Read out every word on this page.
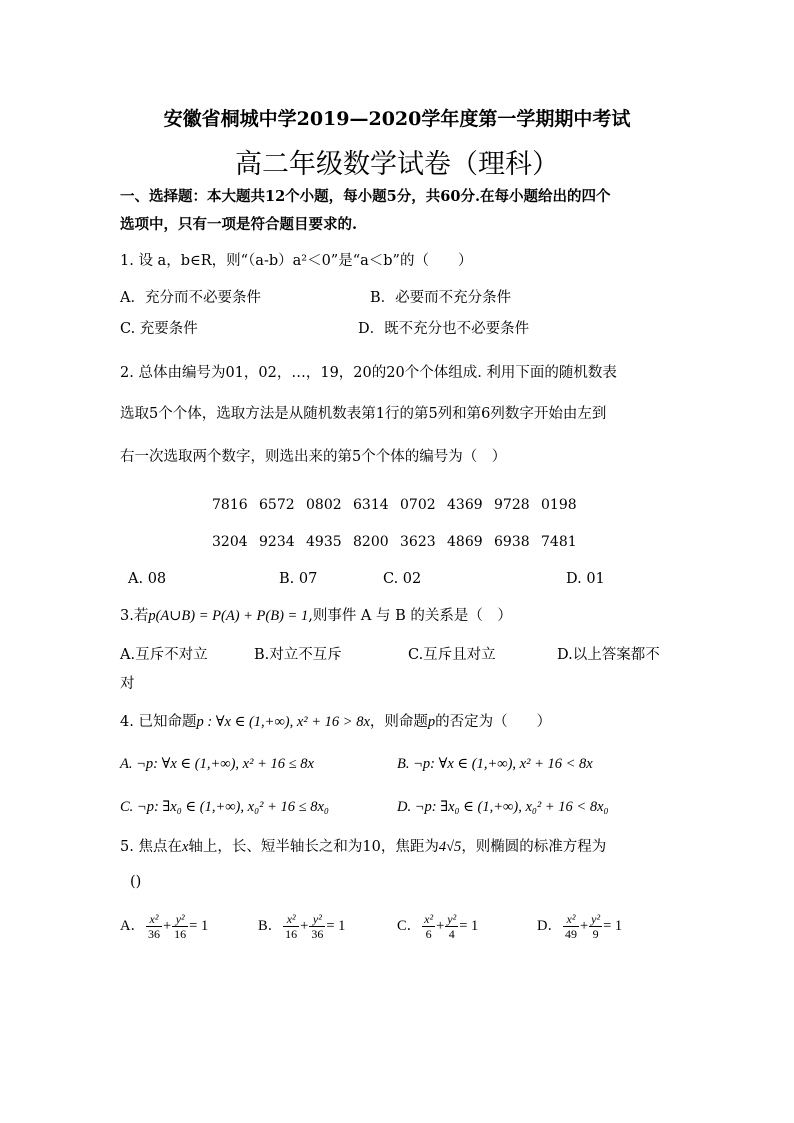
安徽省桐城中学2019—2020学年度第一学期期中考试
高二年级数学试卷（理科）
一、选择题：本大题共12个小题，每小题5分，共60分.在每小题给出的四个
选项中，只有一项是符合题目要求的.
1. 设 a，b∈R，则“（a-b）a²＜0”是“a＜b”的（　　）
A．充分而不必要条件	B．必要而不充分条件
C. 充要条件	D．既不充分也不必要条件
2. 总体由编号为01，02，…，19，20的20个个体组成. 利用下面的随机数表
选取5个个体，选取方法是从随机数表第1行的第5列和第6列数字开始由左到
右一次选取两个数字，则选出来的第5个个体的编号为（　）
7816 6572 0802 6314 0702 4369 9728 0198
3204 9234 4935 8200 3623 4869 6938 7481
A. 08	B. 07	C. 02	D. 01
3.若p(A∪B) = P(A) + P(B) = 1,则事件 A 与 B 的关系是（　）
A.互斥不对立	B.对立不互斥	C.互斥且对立	D.以上答案都不
对
4. 已知命题p : ∀x ∈ (1,+∞), x² + 16 > 8x，则命题p的否定为（　　）
A. ¬p: ∀x ∈ (1,+∞), x² + 16 ≤ 8x	B. ¬p: ∀x ∈ (1,+∞), x² + 16 < 8x
C. ¬p: ∃x₀ ∈ (1,+∞), x₀² + 16 ≤ 8x₀	D. ¬p: ∃x₀ ∈ (1,+∞), x₀² + 16 < 8x₀
5. 焦点在x轴上，长、短半轴长之和为10，焦距为4√5，则椭圆的标准方程为
()
A． $\frac{\text{x²}}{36} + \frac{\text{y²}}{16} = 1$	B． $\frac{\text{x²}}{16} + \frac{\text{y²}}{36} = 1$	C． $\frac{\text{x²}}{6} + \frac{\text{y²}}{4} = 1$	D． $\frac{\text{x²}}{49} + \frac{\text{y²}}{9} = 1$
